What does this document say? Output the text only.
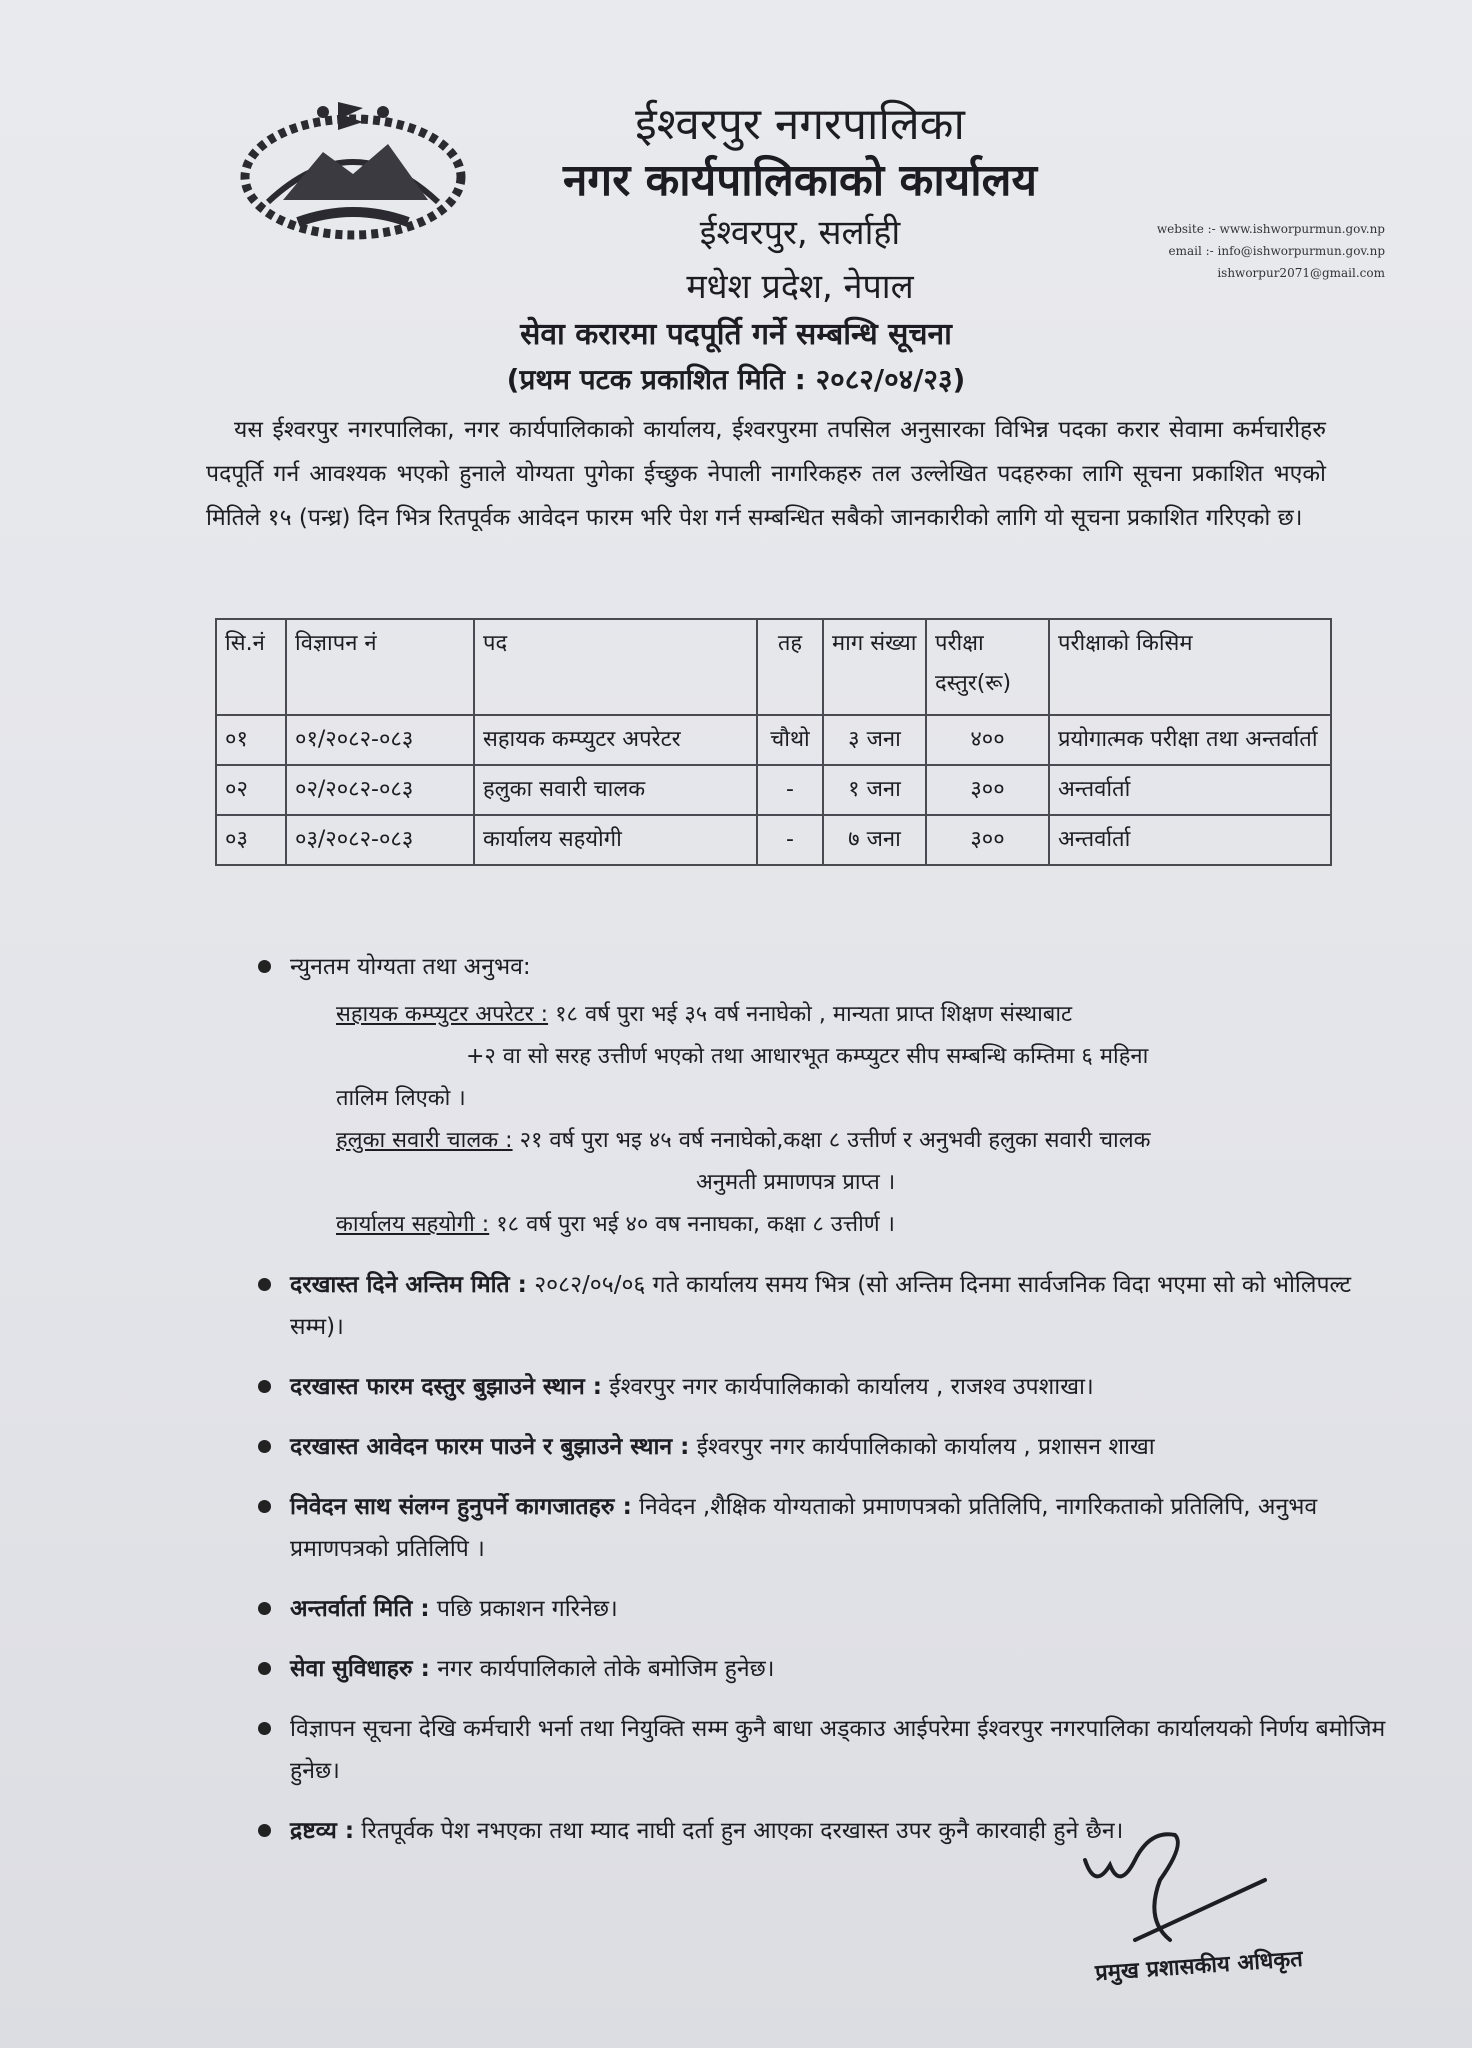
ईश्वरपुर नगरपालिका
नगर कार्यपालिकाको कार्यालय
ईश्वरपुर, सर्लाही
मधेश प्रदेश, नेपाल
website :- www.ishworpurmun.gov.np
email :- info@ishworpurmun.gov.np
ishworpur2071@gmail.com
सेवा करारमा पदपूर्ति गर्ने सम्बन्धि सूचना
(प्रथम पटक प्रकाशित मिति : २०८२/०४/२३)

यस ईश्वरपुर नगरपालिका, नगर कार्यपालिकाको कार्यालय, ईश्वरपुरमा तपसिल अनुसारका विभिन्न पदका करार सेवामा कर्मचारीहरु पदपूर्ति गर्न आवश्यक भएको हुनाले योग्यता पुगेका ईच्छुक नेपाली नागरिकहरु तल उल्लेखित पदहरुका लागि सूचना प्रकाशित भएको मितिले १५ (पन्ध्र) दिन भित्र रितपूर्वक आवेदन फारम भरि पेश गर्न सम्बन्धित सबैको जानकारीको लागि यो सूचना प्रकाशित गरिएको छ।

सि.नं	विज्ञापन नं	पद	तह	माग संख्या	परीक्षा दस्तुर(रू)	परीक्षाको किसिम
०१	०१/२०८२-०८३	सहायक कम्प्युटर अपरेटर	चौथो	३ जना	४००	प्रयोगात्मक परीक्षा तथा अन्तर्वार्ता
०२	०२/२०८२-०८३	हलुका सवारी चालक	-	१ जना	३००	अन्तर्वार्ता
०३	०३/२०८२-०८३	कार्यालय सहयोगी	-	७ जना	३००	अन्तर्वार्ता
न्युनतम योग्यता तथा अनुभव:

सहायक कम्प्युटर अपरेटर : १८ वर्ष पुरा भई ३५ वर्ष ननाघेको , मान्यता प्राप्त शिक्षण संस्थाबाट

+२ वा सो सरह उत्तीर्ण भएको तथा आधारभूत कम्प्युटर सीप सम्बन्धि कम्तिमा ६ महिना

तालिम लिएको ।

हलुका सवारी चालक : २१ वर्ष पुरा भइ ४५ वर्ष ननाघेको,कक्षा ८ उत्तीर्ण र अनुभवी हलुका सवारी चालक

अनुमती प्रमाणपत्र प्राप्त ।

कार्यालय सहयोगी : १८ वर्ष पुरा भई ४० वष ननाघका, कक्षा ८ उत्तीर्ण ।

दरखास्त दिने अन्तिम मिति : २०८२/०५/०६ गते कार्यालय समय भित्र (सो अन्तिम दिनमा सार्वजनिक विदा भएमा सो को भोलिपल्ट सम्म)।
दरखास्त फारम दस्तुर बुझाउने स्थान : ईश्वरपुर नगर कार्यपालिकाको कार्यालय , राजश्व उपशाखा।
दरखास्त आवेदन फारम पाउने र बुझाउने स्थान : ईश्वरपुर नगर कार्यपालिकाको कार्यालय , प्रशासन शाखा
निवेदन साथ संलग्न हुनुपर्ने कागजातहरु : निवेदन ,शैक्षिक योग्यताको प्रमाणपत्रको प्रतिलिपि, नागरिकताको प्रतिलिपि, अनुभव प्रमाणपत्रको प्रतिलिपि ।
अन्तर्वार्ता मिति : पछि प्रकाशन गरिनेछ।
सेवा सुविधाहरु : नगर कार्यपालिकाले तोके बमोजिम हुनेछ।
विज्ञापन सूचना देखि कर्मचारी भर्ना तथा नियुक्ति सम्म कुनै बाधा अड्काउ आईपरेमा ईश्वरपुर नगरपालिका कार्यालयको निर्णय बमोजिम हुनेछ।
द्रष्टव्य : रितपूर्वक पेश नभएका तथा म्याद नाघी दर्ता हुन आएका दरखास्त उपर कुनै कारवाही हुने छैन।

प्रमुख प्रशासकीय अधिकृत
